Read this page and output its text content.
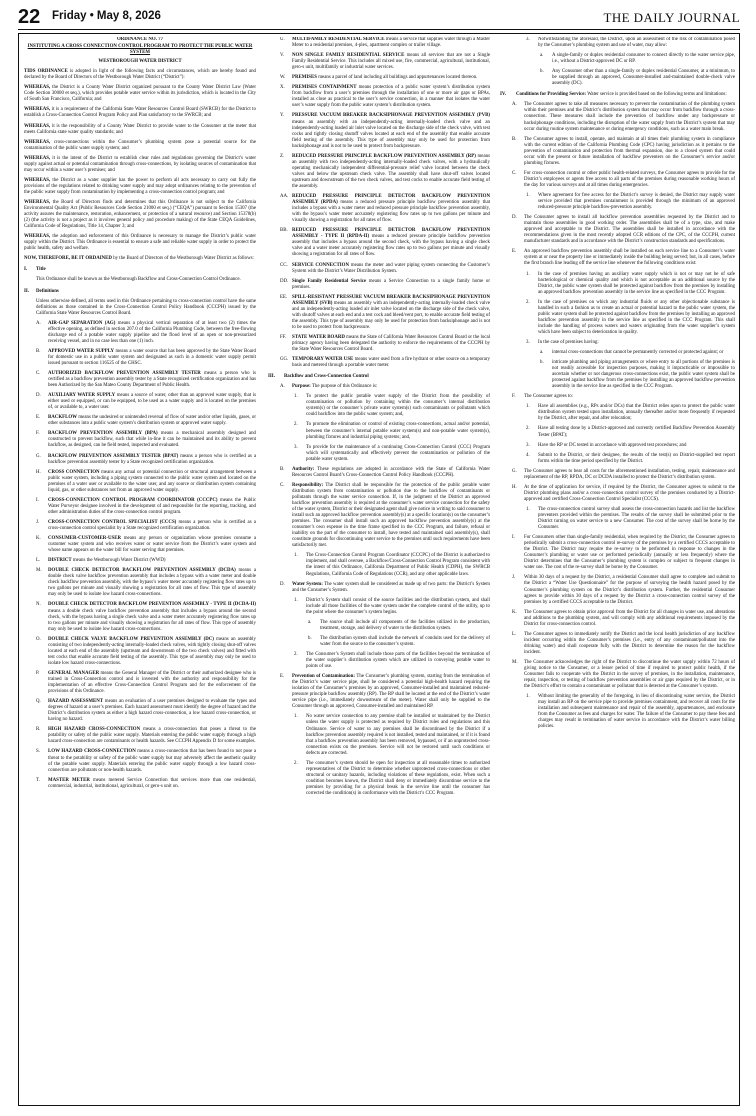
22 Friday • May 8, 2026	THE DAILY JOURNAL
ORDINANCE NO. 77
INSTITUTING A CROSS CONNECTION CONTROL PROGRAM TO PROTECT THE PUBLIC WATER SYSTEM
WESTBOROUGH WATER DISTRICT

TIDS ORDINANCE is adopted in light of the following facts and circumstances, which are hereby found and declared by the Board of Directors of the Westborough Water District (“District”):

WHEREAS, the District is a County Water District organized pursuant to the County Water District Law (Water Code Section 30000 et seq.), which provides potable water service within its jurisdiction, which is located in the City of South San Francisco, California; and

WHEREAS, it is a requirement of the California State Water Resources Control Board (SWRCB) for the District to establish a Cross-Connection Control Program Policy and Plan satisfactory to the SWRCB; and

WHEREAS, it is the responsibility of a County Water District to provide water to the Consumer at the meter that meets California state water quality standards; and

WHEREAS, cross-connections within the Consumer’s plumbing system pose a potential source for the contamination of the public water supply system; and

WHEREAS, it is the intent of the District to establish clear rules and regulations governing the District’s water supply against actual or potential contamination through cross-connections, by isolating sources of contamination that may occur within a water user’s premises; and

WHEREAS, the District as a water supplier has the power to perform all acts necessary to carry out fully the provisions of the regulations related to drinking water supply and may adopt ordinances relating to the prevention of the public water supply from contamination by implementing a cross-connection control program; and

WHEREAS, the Board of Directors finds and determines that this Ordinance is not subject to the California Environmental Quality Act (Public Resources Code Section 21000 et seq.) (“CEQA”) pursuant to Section 15307 (the activity assures the maintenance, restoration, enhancement, or protection of a natural resource) and Section 15378(b)(2) (the activity is not a project as it involves general policy and procedure making) of the State CEQA Guidelines, California Code of Regulations, Title 14, Chapter 3; and

WHEREAS, the adoption and enforcement of this Ordinance is necessary to manage the District’s public water supply within the District. This Ordinance is essential to ensure a safe and reliable water supply in order to protect the public health, safety and welfare.

NOW, THEREFORE, BE IT ORDAINED by the Board of Directors of the Westborough Water District as follows:

I.	Title

This Ordinance shall be known as the Westborough Backflow and Cross-Connection Control Ordinance.

II.	Definitions

Unless otherwise defined, all terms used in this Ordinance pertaining to cross-connection control have the same definitions as those contained in the Cross-Connection Control Policy Handbook (CCCPH) issued by the California State Water Resources Control Board.

A.	AIR-GAP SEPARATION (AG) means a physical vertical separation of at least two (2) times the effective opening, as defined in section 207.0 of the California Plumbing Code, between the free-flowing discharge end of a potable water supply pipeline and the flood level of an open or non-pressurized receiving vessel, and in no case less than one (1) inch.
B.	APPROVED WATER SUPPLY means a water source that has been approved by the State Water Board for domestic use in a public water system and designated as such in a domestic water supply permit issued pursuant to section 116525 of the CHSC.
C.	AUTHORIZED BACKFLOW PREVENTION ASSEMBLY TESTER means a person who is certified as a backflow prevention assembly tester by a State recognized certification organization and has been Authorized by the San Mateo County Department of Public Health.
D.	AUXILIARY WATER SUPPLY means a source of water, other than an approved water supply, that is either used or equipped, or can be equipped, to be used as a water supply and is located on the premises of, or available to, a water user.
E.	BACKFLOW means the undesired or unintended reversal of flow of water and/or other liquids, gases, or other substances into a public water system’s distribution system or approved water supply.
F.	BACKFLOW PREVENTION ASSEMBLY (BPA) means a mechanical assembly designed and constructed to prevent backflow, such that while in-line it can be maintained and its ability to prevent backflow, as designed, can be field tested, inspected and evaluated.
G.	BACKFLOW PREVENTION ASSEMBLY TESTER (BPAT) means a person who is certified as a backflow prevention assembly tester by a State recognized certification organization.
H.	CROSS CONNECTION means any actual or potential connection or structural arrangement between a public water system, including a piping system connected to the public water system and located on the premises of a water user or available to the water user, and any source or distribution system containing liquid, gas, or other substances not from an approved water supply.
I.	CROSS-CONNECTION CONTROL PROGRAM COORDINATOR (CCCPC) means the Public Water Purveyor designee involved in the development of and responsible for the reporting, tracking, and other administration duties of the cross-connection control program.
J.	CROSS-CONNECTION CONTROL SPECIALIST (CCCS) means a person who is certified as a cross-connection control specialist by a State recognized certification organization.
K.	CONSUMER-CUSTOMER-USER means any person or organization whose premises consume a customer water system and who receives water or water service from the District’s water system and whose name appears on the water bill for water serving that premises.
L.	DISTRICT means the Westborough Water District (WWD)
M.	DOUBLE CHECK DETECTOR BACKFLOW PREVENTION ASSEMBLY (DCDA) means a double check valve backflow prevention assembly that includes a bypass with a water meter and double check backflow prevention assembly, with the bypass’s water meter accurately registering flow rates up to two gallons per minute and visually showing a registration for all rates of flow. This type of assembly may only be used to isolate low hazard cross-connections.
N.	DOUBLE CHECK DETECTOR BACKFLOW PREVENTION ASSEMBLY - TYPE II (DCDA-II) means a double check valve backflow prevention assembly that includes a bypass around the second check, with the bypass having a single check valve and a water meter accurately registering flow rates up to two gallons per minute and visually showing a registration for all rates of flow. This type of assembly may only be used to isolate low hazard cross-connections.
O.	DOUBLE CHECK VALVE BACKFLOW PREVENTION ASSEMBLY (DC) means an assembly consisting of two independently-acting internally-loaded check valves, with tightly closing shut-off valves located at each end of the assembly (upstream and downstream of the two check valves) and fitted with test cocks that enable accurate field testing of the assembly. This type of assembly may only be used to isolate low hazard cross-connections.
P.	GENERAL MANAGER means the General Manager of the District or their authorized designee who is trained in Cross-Connection control and is invested with the authority and responsibility for the implementation of an effective Cross-Connection Control Program and for the enforcement of the provisions of this Ordinance.
Q.	HAZARD ASSESSMENT means an evaluation of a user premises designed to evaluate the types and degrees of hazard at a user’s premises. Each hazard assessment must identify the degree of hazard and the District’s distribution system as either a high hazard cross-connection, a low hazard cross-connection, or having no hazard.
R.	HIGH HAZARD CROSS-CONNECTION means a cross-connection that poses a threat to the potability or safety of the public water supply. Materials entering the public water supply through a high hazard cross-connection are contaminants or health hazards. See CCCPH Appendix D for some examples.
S.	LOW HAZARD CROSS-CONNECTION means a cross-connection that has been found to not pose a threat to the potability or safety of the public water supply but may adversely affect the aesthetic quality of the potable water supply. Materials entering the public water supply through a low hazard cross-connection are pollutants or non-health hazards.
T.	MASTER METER means metered Service Connection that services more than one residential, commercial, industrial, institutional, agricultural, or gero-s unit on.
U.	MULTIFAMILY RESIDENTIAL SERVICE means a service that supplies water through a Master Meter to a residential premises, 4-plex, apartment complex or trailer village.
V.	NON SINGLE FAMILY RESIDENTIAL SERVICE means all services that are not a Single Family Residential Service. This includes all mixed use, fire, commercial, agricultural, institutional, gero-s unit, multifamily or industrial water services.
W.	PREMISES means a parcel of land including all buildings and appurtenances located thereon.
X.	PREMISES CONTAINMENT means protection of a public water system’s distribution system from backflow from a user’s premises through the installation of one or more air gaps or BPAs, installed as close as practical to the user’s service connection, in a manner that isolates the water user’s water supply from the public water system’s distribution system.
Y.	PRESSURE VACUUM BREAKER BACKSIPHONAGE PREVENTION ASSEMBLY (PVB) means an assembly with an independently-acting internally-loaded check valve and an independently-acting loaded air inlet valve located on the discharge side of the check valve, with test cocks and tightly closing shutoff valves located at each end of the assembly that enable accurate field testing of the assembly. This type of assembly may only be used for protection from backsiphonage and is not to be used to protect from backpressure.
Z.	REDUCED PRESSURE PRINCIPLE BACKFLOW PREVENTION ASSEMBLY (RP) means an assembly with two independently-acting internally-loaded check valves, with a hydraulically operating mechanically independent differential-pressure relief valve located between the check valves and below the upstream check valve. The assembly shall have shut-off valves located upstream and downstream of the two check valves, and test cocks to enable accurate field testing of the assembly.
AA. REDUCED PRESSURE PRINCIPLE DETECTOR BACKFLOW PREVENTION ASSEMBLY (RPDA) means a reduced pressure principle backflow prevention assembly that includes a bypass with a water meter and reduced pressure principle backflow prevention assembly, with the bypass’s water meter accurately registering flow rates up to two gallons per minute and visually showing a registration for all rates of flow.
BB. REDUCED PRESSURE PRINCIPLE DETECTOR BACKFLOW PREVENTION ASSEMBLY - TYPE II (RPDA-II) means a reduced pressure principle backflow prevention assembly that includes a bypass around the second check, with the bypass having a single check valve and a water meter accurately registering flow rates up to two gallons per minute and visually showing a registration for all rates of flow.
CC. SERVICE CONNECTION means the meter and water piping system connecting the Customer’s System with the District’s Water Distribution System.
DD. Single Family Residential Service means a Service Connection to a single family home or premises.
EE. SPILL-RESISTANT PRESSURE VACUUM BREAKER BACKSIPHONAGE PREVENTION ASSEMBLY (SVB) means an assembly with an independently-acting internally-loaded check valve and an independently-acting loaded air inlet valve located on the discharge side of the check valve, with shutoff valves at each end and a test cock and bleed/vent port, to enable accurate field testing of the assembly. This type of assembly may only be used for protection from backsiphonage and is not to be used to protect from backpressure.
FF.	STATE WATER BOARD means the State of California Water Resources Control Board or the local primacy agency having been delegated the authority to enforce the requirements of the CCCPH by the State Water Resources Control Board.
GG. TEMPORARY WATER USE means water used from a fire hydrant or other source on a temporary basis and metered through a portable water meter.
III.	Backflow and Cross-Connection Control
A.	Purpose: The purpose of this Ordinance is:
1.	To protect the public potable water supply of the District from the possibility of contamination or pollution by containing within the consumer’s internal distribution system(s) or the consumer’s private water system(s) such contaminants or pollutants which could backflow into the public water system; and,
2.	To promote the elimination or control of existing cross-connections, actual and/or potential, between the consumer’s internal potable water system(s) and non-potable water system(s), plumbing fixtures and industrial piping systems; and,
3.	To provide for the maintenance of a continuing Cross-Connection Control (CCC) Program which will systematically and effectively prevent the contamination or pollution of the potable water system.
B.	Authority: These regulations are adopted in accordance with the State of California Water Resources Control Board’s Cross-Connection Control Policy Handbook (CCCPH).
C.	Responsibility: The District shall be responsible for the protection of the public potable water distribution system from contamination or pollution due to the backflow of contaminants or pollutants through the water service connection. If, in the judgment of the District an approved backflow prevention assembly is required at the consumer’s water service connection for the safety of the water system, District or their designated agent shall give notice in writing to said consumer to install such an approved backflow prevention assembly(s) at a specific location(s) on the consumer’s premises. The consumer shall install such an approved backflow prevention assembly(s) at the consumer’s own expense in the time frame specified in the CCC Program, and failure, refusal or inability on the part of the consumer to install, have tested and maintained said assembly(s), shall constitute grounds for discontinuing water service to the premises until such requirements have been satisfactorily met.
1.	The Cross-Connection Control Program Coordinator (CCCPC) of the District is authorized to implement, and shall oversee, a Backflow/Cross-Connection Control Program consistent with the intent of this Ordinance, California Department of Public Health (CDPH), the SWRCB Regulations, California Code of Regulations (CCR), and any other applicable laws.
D.	Water System: The water system shall be considered as made up of two parts: the District’s System and the Consumer’s System.
1.	District’s System shall consist of the source facilities and the distribution system, and shall include all those facilities of the water system under the complete control of the utility, up to the point where the consumer’s system begins.
a.	The source shall include all components of the facilities utilized in the production, treatment, storage, and delivery of water to the distribution system.
b.	The distribution system shall include the network of conduits used for the delivery of water from the source to the consumer’s system.
2.	The Consumer’s System shall include those parts of the facilities beyond the termination of the water supplier’s distribution system which are utilized in conveying potable water to points of use.
E.	Prevention of Contamination: The Consumer’s plumbing system, starting from the termination of the District’s water service pipe, shall be considered a potential high-health hazard requiring the isolation of the Consumer’s premises by an approved, Consumer-installed and maintained reduced-pressure principle backflow assembly (RP). The RP shall be located at the end of the District’s water service pipe (i.e., immediately downstream of the meter). Water shall only be supplied to the Consumer through an approved, Consumer-installed and maintained RP.
1.	No water service connection to any premise shall be installed or maintained by the District unless the water supply is protected as required by District rules and regulations and this Ordinance. Service of water to any premises shall be discontinued by the District if a backflow prevention assembly required is not installed, tested and maintained, or if it is found that a backflow prevention assembly has been removed, bypassed, or if an unprotected cross-connection exists on the premises. Service will not be restored until such conditions or defects are corrected.
2.	The consumer’s system should be open for inspection at all reasonable times to authorized representatives of the District to determine whether unprotected cross-connections or other structural or sanitary hazards, including violations of these regulations, exist. When such a condition becomes known, the District shall deny or immediately discontinue service to the premises by providing for a physical break in the service line until the consumer has corrected the condition(s) in conformance with the District’s CCC Program.
3.	Notwithstanding the aforesaid, the District, upon an assessment of the risk of contamination posed by the Consumer’s plumbing system and use of water, may allow:
a.	A single-family or duplex residential consumer to connect directly to the water service pipe, i.e., without a District-approved DC or RP.
b.	Any Consumer other than a single-family or duplex residential Consumer, at a minimum, to be supplied through an approved, Consumer-installed and-maintained double-check valve assembly (DC).
IV.	Conditions for Providing Service: Water service is provided based on the following terms and limitations:
A.	The Consumer agrees to take all measures necessary to prevent the contamination of the plumbing system within their premises and the District’s distribution system that may occur from backflow through a cross-connection. These measures shall include the prevention of backflow under any backpressure or backsiphonage conditions, including the disruption of the water supply from the District’s system that may occur during routine system maintenance or during emergency conditions, such as a water main break.
B.	The Consumer agrees to install, operate, and maintain at all times their plumbing system in compliance with the current edition of the California Plumbing Code (CPC) having jurisdiction as it pertains to the prevention of contamination and protection from thermal expansion, due to a closed system that could occur with the present or future installation of backflow preventers on the Consumer’s service and/or plumbing fixtures.
C.	For cross-connection control or other public health-related surveys, the Consumer agrees to provide for the District’s employees or agents free access to all parts of the premises during reasonable working hours of the day for various surveys and at all times during emergencies.
1.	Where agreement for free access for the District’s survey is denied, the District may supply water service provided that premises containment is provided through the minimum of an approved reduced-pressure principle backflow-prevention assembly.
D.	The Consumer agrees to install all backflow prevention assemblies requested by the District and to maintain those assemblies in good working order. The assemblies shall be of a type, size, and make approved and acceptable to the District. The assemblies shall be installed in accordance with the recommendations given in the most recently adopted CCR editions of the CPC, of the CCCPH, current manufacturer standards and in accordance with the District’s construction standards and specifications.
E.	An approved backflow prevention assembly shall be installed on each service line to a Consumer’s water system at or near the property line or immediately inside the building being served; but, in all cases, before the first branch line leading off the service line whenever the following conditions exist:
1.	In the case of premises having an auxiliary water supply which is not or may not be of safe bacteriological or chemical quality and which is not acceptable as an additional source by the District, the public water system shall be protected against backflow from the premises by installing an approved backflow prevention assembly in the service line as specified in the CCC Program.
2.	In the case of premises on which any industrial fluids or any other objectionable substance is handled in such a fashion as to create an actual or potential hazard to the public water system, the public water system shall be protected against backflow from the premises by installing an approved backflow prevention assembly in the service line as specified in the CCC Program. This shall include the handling of process waters and waters originating from the water supplier’s system which have been subject to deterioration in quality.
3.	In the case of premises having:
a.	internal cross-connections that cannot be permanently corrected or protected against; or
b.	intricate plumbing and piping arrangements or where entry to all portions of the premises is not readily accessible for inspection purposes, making it impracticable or impossible to ascertain whether or not dangerous cross-connections exist, the public water system shall be protected against backflow from the premises by installing an approved backflow prevention assembly in the service line as specified in the CCC Program.
F.	The Consumer agrees to:
1.	Have all assemblies (e.g., RPs and/or DCs) that the District relies upon to protect the public water distribution system tested upon installation, annually thereafter and/or more frequently if requested by the District, after repair, and after relocation;
2.	Have all testing done by a District-approved and currently certified Backflow Prevention Assembly Tester (BPAT);
3.	Have the RP or DC tested in accordance with approved test procedures; and
4.	Submit to the District, or their designee, the results of the test(s) on District-supplied test report forms within the time period specified by the District.
G.	The Consumer agrees to bear all costs for the aforementioned installation, testing, repair, maintenance and replacement of the RP, RPDA, DC or DCDA installed to protect the District’s distribution system.
H.	At the time of application for service, if required by the District, the Consumer agrees to submit to the District plumbing plans and/or a cross-connection control survey of the premises conducted by a District-approved and certified Cross-Connection Control Specialist (CCCS).
1.	The cross-connection control survey shall assess the cross-connection hazards and list the backflow preventers provided within the premises. The results of the survey shall be submitted prior to the District turning on water service to a new Consumer. The cost of the survey shall be borne by the Consumer.
I.	For Consumers other than single-family residential, when required by the District, the Consumer agrees to periodically submit a cross-connection control re-survey of the premises by a certified CCCS acceptable to the District. The District may require the re-survey to be performed in response to changes in the Consumer’s plumbing or water use or performed periodically (annually or less frequently) where the District determines that the Consumer’s plumbing system is complex or subject to frequent changes in water use. The cost of the re-survey shall be borne by the Consumer.
J.	Within 30 days of a request by the District, a residential Consumer shall agree to complete and submit to the District a “Water Use Questionnaire” for the purpose of surveying the health hazard posed by the Consumer’s plumbing system on the District’s distribution system. Further, the residential Consumer agrees to provide within 30 days of a request by the District a cross-connection control survey of the premises by a certified CCCS acceptable to the District.
K.	The Consumer agrees to obtain prior approval from the District for all changes in water use, and alterations and additions to the plumbing system, and will comply with any additional requirements imposed by the District for cross-connection control.
L.	The Consumer agrees to immediately notify the District and the local health jurisdiction of any backflow incident occurring within the Consumer’s premises (i.e., entry of any contaminant/pollutant into the drinking water) and shall cooperate fully with the District to determine the reason for the backflow incident.
M.	The Consumer acknowledges the right of the District to discontinue the water supply within 72 hours of giving notice to the Consumer, or a lesser period of time if required to protect public health, if the Consumer fails to cooperate with the District in the survey of premises, in the installation, maintenance, repair, inspection, or testing of backflow prevention assemblies or air gaps required by the District, or in the District’s effort to contain a contaminant or pollutant that is detected at the Consumer’s system.
1.	Without limiting the generality of the foregoing, in lieu of discontinuing water service, the District may install an RP on the service pipe to provide premises containment, and recover all costs for the installation and subsequent maintenance and repair of the assembly, appurtenances, and enclosure from the Consumer as fees and charges for water. The failure of the Consumer to pay these fees and charges may result in termination of water service in accordance with the District’s water billing policies.
